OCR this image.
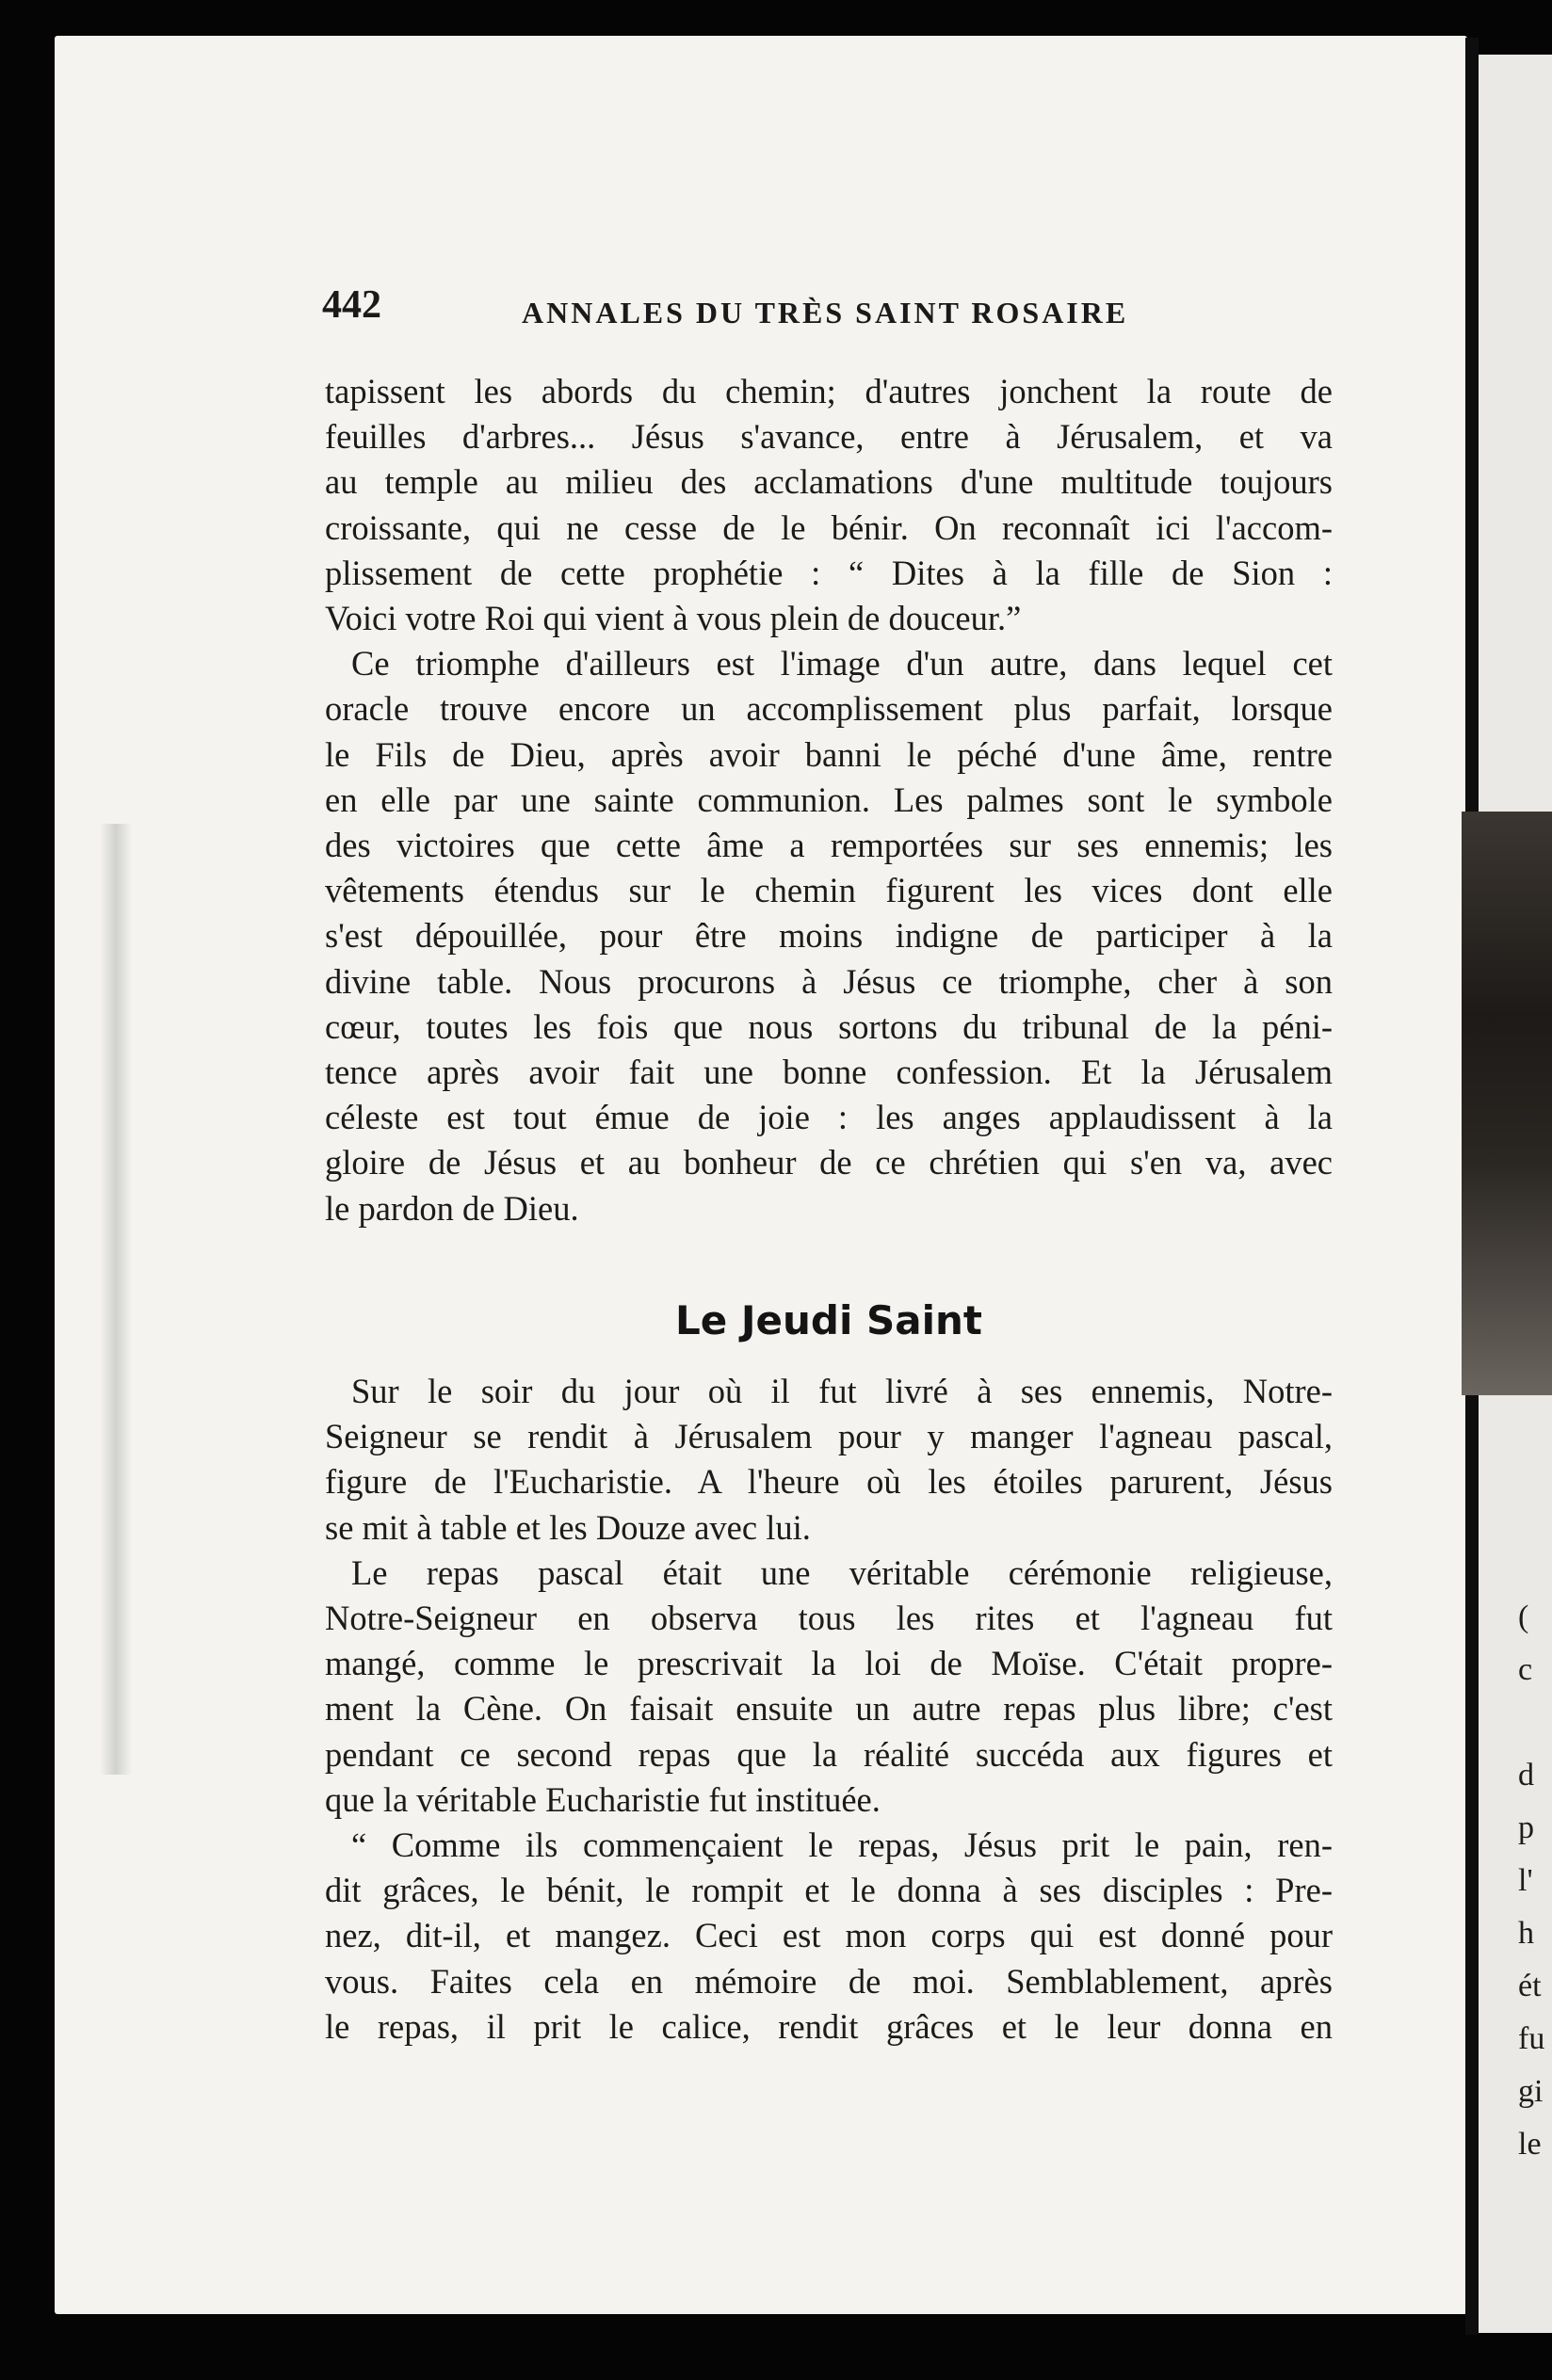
(
c
d
p
l'
h
ét
fu
gi
le
442	ANNALES DU TRÈS SAINT ROSAIRE

tapissent les abords du chemin; d'autres jonchent la route de
feuilles d'arbres... Jésus s'avance, entre à Jérusalem, et va
au temple au milieu des acclamations d'une multitude toujours
croissante, qui ne cesse de le bénir. On reconnaît ici l'accom-
plissement de cette prophétie : “ Dites à la fille de Sion :
Voici votre Roi qui vient à vous plein de douceur.”

Ce triomphe d'ailleurs est l'image d'un autre, dans lequel cet
oracle trouve encore un accomplissement plus parfait, lorsque
le Fils de Dieu, après avoir banni le péché d'une âme, rentre
en elle par une sainte communion. Les palmes sont le symbole
des victoires que cette âme a remportées sur ses ennemis; les
vêtements étendus sur le chemin figurent les vices dont elle
s'est dépouillée, pour être moins indigne de participer à la
divine table. Nous procurons à Jésus ce triomphe, cher à son
cœur, toutes les fois que nous sortons du tribunal de la péni-
tence après avoir fait une bonne confession. Et la Jérusalem
céleste est tout émue de joie : les anges applaudissent à la
gloire de Jésus et au bonheur de ce chrétien qui s'en va, avec
le pardon de Dieu.

Le Jeudi Saint

Sur le soir du jour où il fut livré à ses ennemis, Notre-
Seigneur se rendit à Jérusalem pour y manger l'agneau pascal,
figure de l'Eucharistie. A l'heure où les étoiles parurent, Jésus
se mit à table et les Douze avec lui.

Le repas pascal était une véritable cérémonie religieuse,
Notre-Seigneur en observa tous les rites et l'agneau fut
mangé, comme le prescrivait la loi de Moïse. C'était propre-
ment la Cène. On faisait ensuite un autre repas plus libre; c'est
pendant ce second repas que la réalité succéda aux figures et
que la véritable Eucharistie fut instituée.

“ Comme ils commençaient le repas, Jésus prit le pain, ren-
dit grâces, le bénit, le rompit et le donna à ses disciples : Pre-
nez, dit-il, et mangez. Ceci est mon corps qui est donné pour
vous. Faites cela en mémoire de moi. Semblablement, après
le repas, il prit le calice, rendit grâces et le leur donna en
